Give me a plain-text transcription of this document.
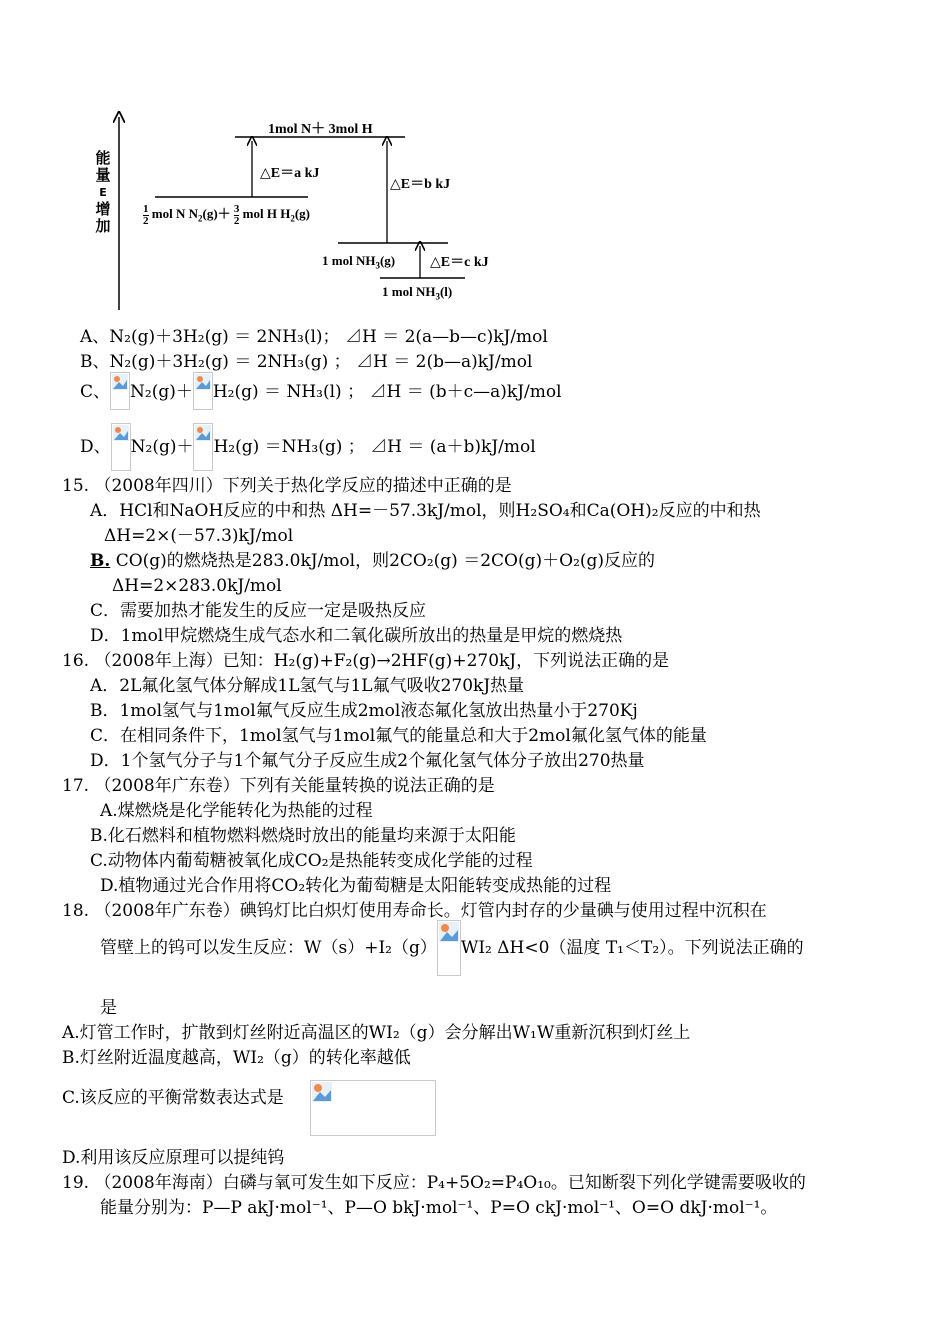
能
量
E
增
加
1mol N＋ 3mol H
△E＝a kJ
△E＝b kJ
△E＝c kJ
$\frac{1}{2}$ mol N $N_2(g)+ \frac{3}{2}$ mol H $H_2(g)$
1 mol $NH_3(g)$
1 mol $NH_3(l)$
A、N₂(g)＋3H₂(g) ＝ 2NH₃(l)； ⊿H ＝ 2(a—b—c)kJ/mol
B、N₂(g)＋3H₂(g) ＝ 2NH₃(g) ； ⊿H ＝ 2(b—a)kJ/mol
C、 N₂(g)＋ H₂(g) ＝ NH₃(l) ； ⊿H ＝ (b＋c—a)kJ/mol
D、 N₂(g)＋ H₂(g) ＝NH₃(g) ； ⊿H ＝ (a＋b)kJ/mol
15. （2008年四川）下列关于热化学反应的描述中正确的是
A．HCl和NaOH反应的中和热 ΔH=－57.3kJ/mol，则H₂SO₄和Ca(OH)₂反应的中和热
ΔH=2×(－57.3)kJ/mol
B. CO(g)的燃烧热是283.0kJ/mol，则2CO₂(g) ＝2CO(g)＋O₂(g)反应的
ΔH=2×283.0kJ/mol
C．需要加热才能发生的反应一定是吸热反应
D．1mol甲烷燃烧生成气态水和二氧化碳所放出的热量是甲烷的燃烧热
16. （2008年上海）已知：H₂(g)+F₂(g)→2HF(g)+270kJ，下列说法正确的是
A．2L氟化氢气体分解成1L氢气与1L氟气吸收270kJ热量
B．1mol氢气与1mol氟气反应生成2mol液态氟化氢放出热量小于270Kj
C．在相同条件下，1mol氢气与1mol氟气的能量总和大于2mol氟化氢气体的能量
D．1个氢气分子与1个氟气分子反应生成2个氟化氢气体分子放出270热量
17. （2008年广东卷）下列有关能量转换的说法正确的是
A.煤燃烧是化学能转化为热能的过程
B.化石燃料和植物燃料燃烧时放出的能量均来源于太阳能
C.动物体内葡萄糖被氧化成CO₂是热能转变成化学能的过程
D.植物通过光合作用将CO₂转化为葡萄糖是太阳能转变成热能的过程
18. （2008年广东卷）碘钨灯比白炽灯使用寿命长。灯管内封存的少量碘与使用过程中沉积在
管壁上的钨可以发生反应：W（s）+I₂（g） WI₂ ΔH<0（温度 T₁＜T₂）。下列说法正确的
是
A.灯管工作时，扩散到灯丝附近高温区的WI₂（g）会分解出W₁W重新沉积到灯丝上
B.灯丝附近温度越高，WI₂（g）的转化率越低
C.该反应的平衡常数表达式是
D.利用该反应原理可以提纯钨
19. （2008年海南）白磷与氧可发生如下反应：P₄+5O₂=P₄O₁₀。已知断裂下列化学键需要吸收的
能量分别为：P—P akJ·mol⁻¹、P—O bkJ·mol⁻¹、P=O ckJ·mol⁻¹、O=O dkJ·mol⁻¹。
